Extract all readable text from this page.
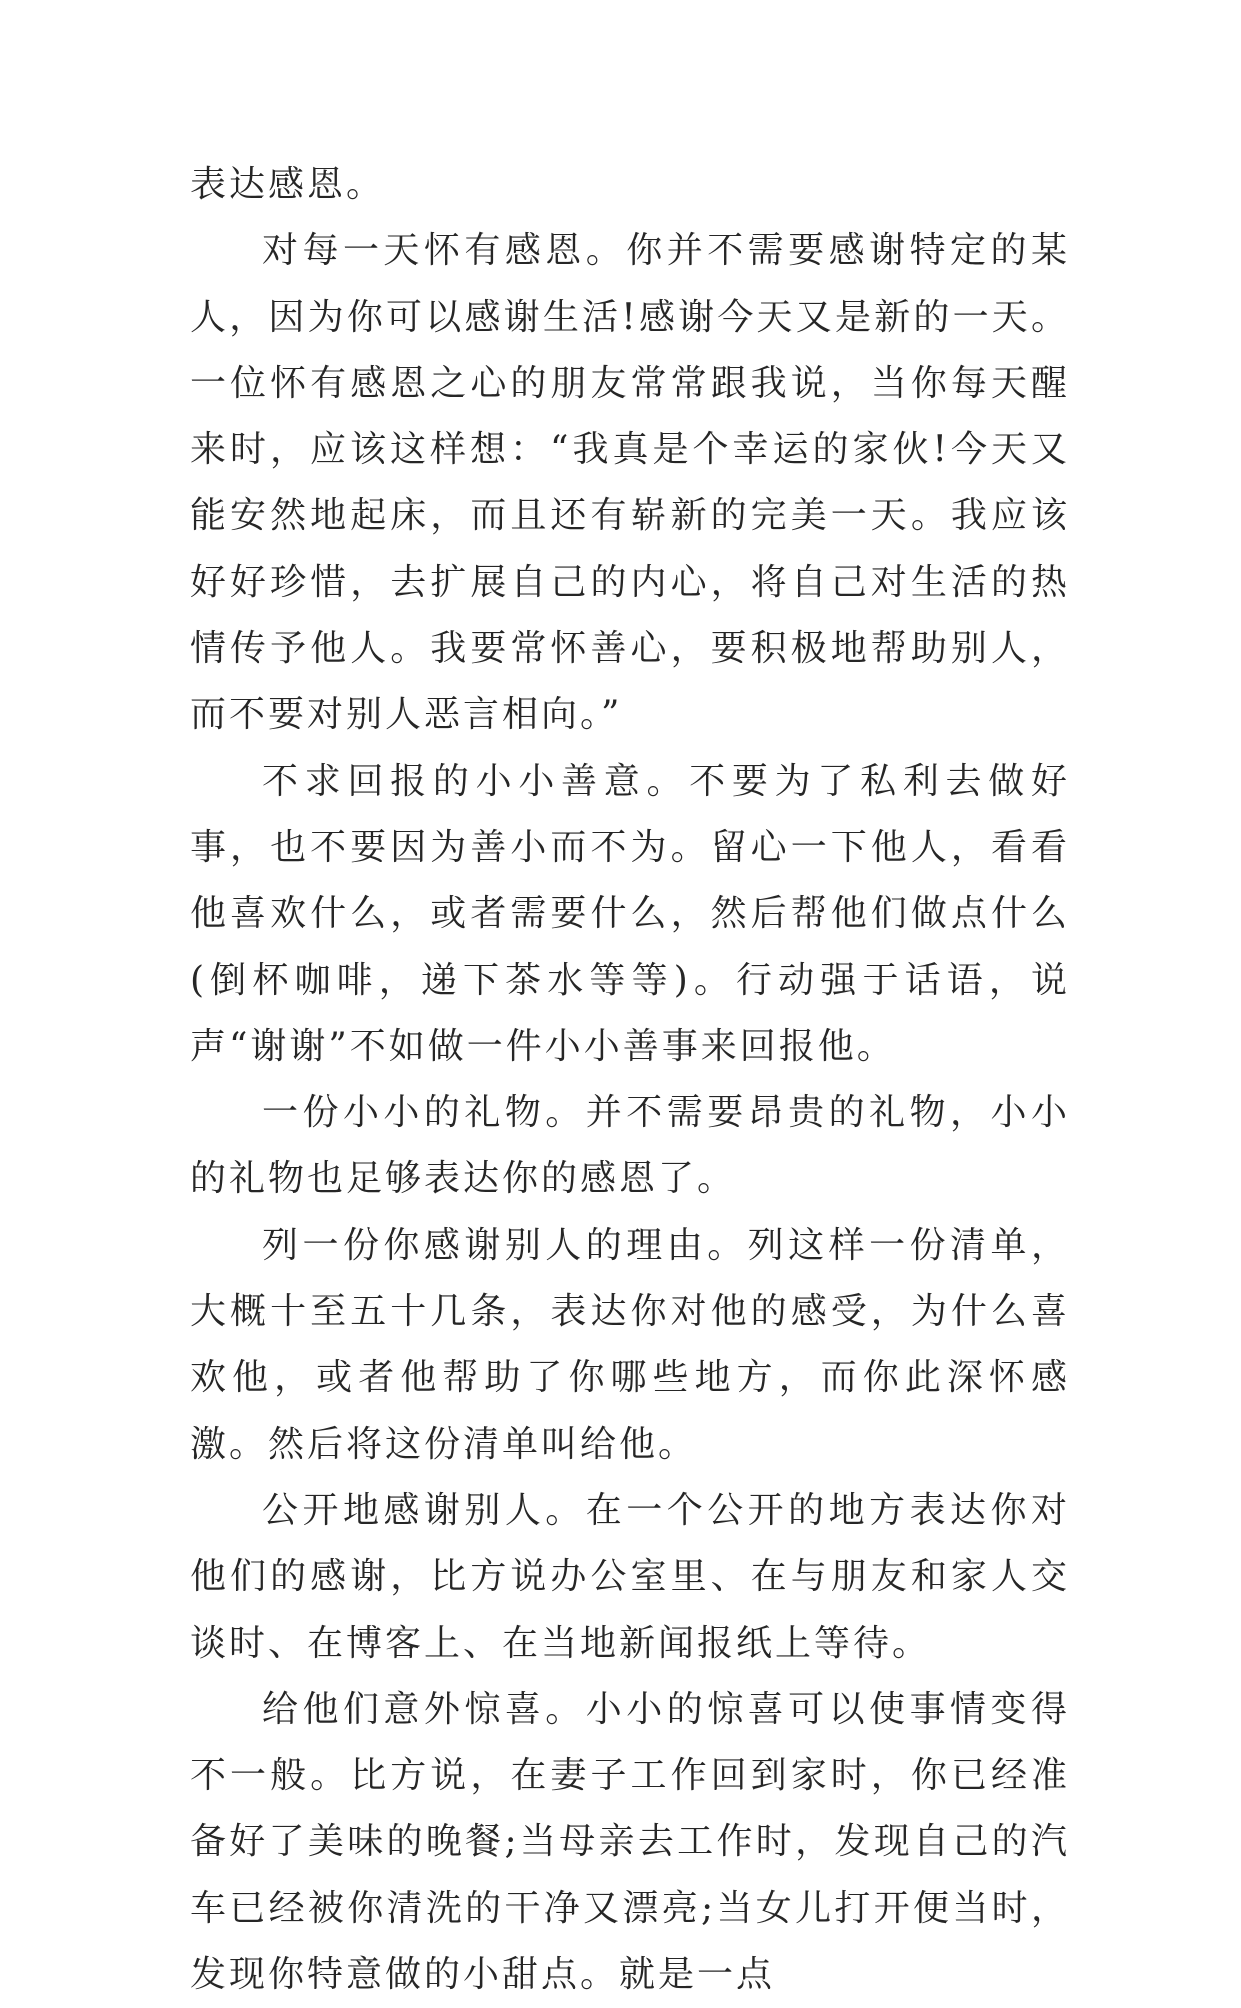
表达感恩。

对每一天怀有感恩。你并不需要感谢特定的某人，因为你可以感谢生活!感谢今天又是新的一天。一位怀有感恩之心的朋友常常跟我说，当你每天醒来时，应该这样想：“我真是个幸运的家伙!今天又能安然地起床，而且还有崭新的完美一天。我应该好好珍惜，去扩展自己的内心，将自己对生活的热情传予他人。我要常怀善心，要积极地帮助别人，而不要对别人恶言相向。”

不求回报的小小善意。不要为了私利去做好事，也不要因为善小而不为。留心一下他人，看看他喜欢什么，或者需要什么，然后帮他们做点什么(倒杯咖啡，递下茶水等等)。行动强于话语，说声“谢谢”不如做一件小小善事来回报他。

一份小小的礼物。并不需要昂贵的礼物，小小的礼物也足够表达你的感恩了。

列一份你感谢别人的理由。列这样一份清单，大概十至五十几条，表达你对他的感受，为什么喜欢他，或者他帮助了你哪些地方，而你此深怀感激。然后将这份清单叫给他。

公开地感谢别人。在一个公开的地方表达你对他们的感谢，比方说办公室里、在与朋友和家人交谈时、在博客上、在当地新闻报纸上等待。

给他们意外惊喜。小小的惊喜可以使事情变得不一般。比方说，在妻子工作回到家时，你已经准备好了美味的晚餐;当母亲去工作时，发现自己的汽车已经被你清洗的干净又漂亮;当女儿打开便当时，发现你特意做的小甜点。就是一点
